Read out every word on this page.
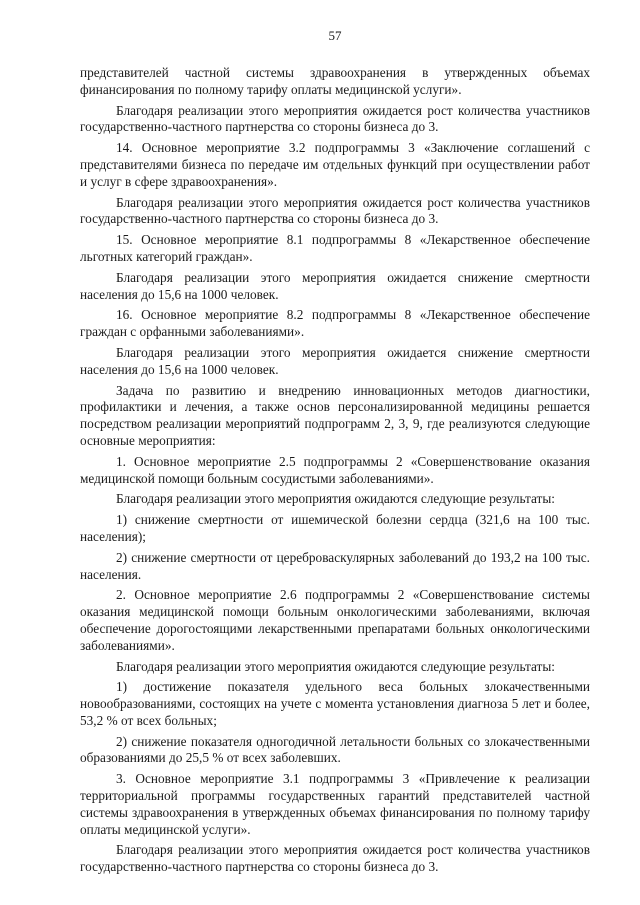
57

представителей частной системы здравоохранения в утвержденных объемах финансирования по полному тарифу оплаты медицинской услуги».

Благодаря реализации этого мероприятия ожидается рост количества участников государственно-частного партнерства со стороны бизнеса до 3.

14. Основное мероприятие 3.2 подпрограммы 3 «Заключение соглашений с представителями бизнеса по передаче им отдельных функций при осуществлении работ и услуг в сфере здравоохранения».

Благодаря реализации этого мероприятия ожидается рост количества участников государственно-частного партнерства со стороны бизнеса до 3.

15. Основное мероприятие 8.1 подпрограммы 8 «Лекарственное обеспечение льготных категорий граждан».

Благодаря реализации этого мероприятия ожидается снижение смертности населения до 15,6 на 1000 человек.

16. Основное мероприятие 8.2 подпрограммы 8 «Лекарственное обеспечение граждан с орфанными заболеваниями».

Благодаря реализации этого мероприятия ожидается снижение смертности населения до 15,6 на 1000 человек.

Задача по развитию и внедрению инновационных методов диагностики, профилактики и лечения, а также основ персонализированной медицины решается посредством реализации мероприятий подпрограмм 2, 3, 9, где реализуются следующие основные мероприятия:

1. Основное мероприятие 2.5 подпрограммы 2 «Совершенствование оказания медицинской помощи больным сосудистыми заболеваниями».

Благодаря реализации этого мероприятия ожидаются следующие результаты:

1) снижение смертности от ишемической болезни сердца (321,6 на 100 тыс. населения);

2) снижение смертности от цереброваскулярных заболеваний до 193,2 на 100 тыс. населения.

2. Основное мероприятие 2.6 подпрограммы 2 «Совершенствование системы оказания медицинской помощи больным онкологическими заболеваниями, включая обеспечение дорогостоящими лекарственными препаратами больных онкологическими заболеваниями».

Благодаря реализации этого мероприятия ожидаются следующие результаты:

1) достижение показателя удельного веса больных злокачественными новообразованиями, состоящих на учете с момента установления диагноза 5 лет и более, 53,2 % от всех больных;

2) снижение показателя одногодичной летальности больных со злокачественными образованиями до 25,5 % от всех заболевших.

3. Основное мероприятие 3.1 подпрограммы 3 «Привлечение к реализации территориальной программы государственных гарантий представителей частной системы здравоохранения в утвержденных объемах финансирования по полному тарифу оплаты медицинской услуги».

Благодаря реализации этого мероприятия ожидается рост количества участников государственно-частного партнерства со стороны бизнеса до 3.
